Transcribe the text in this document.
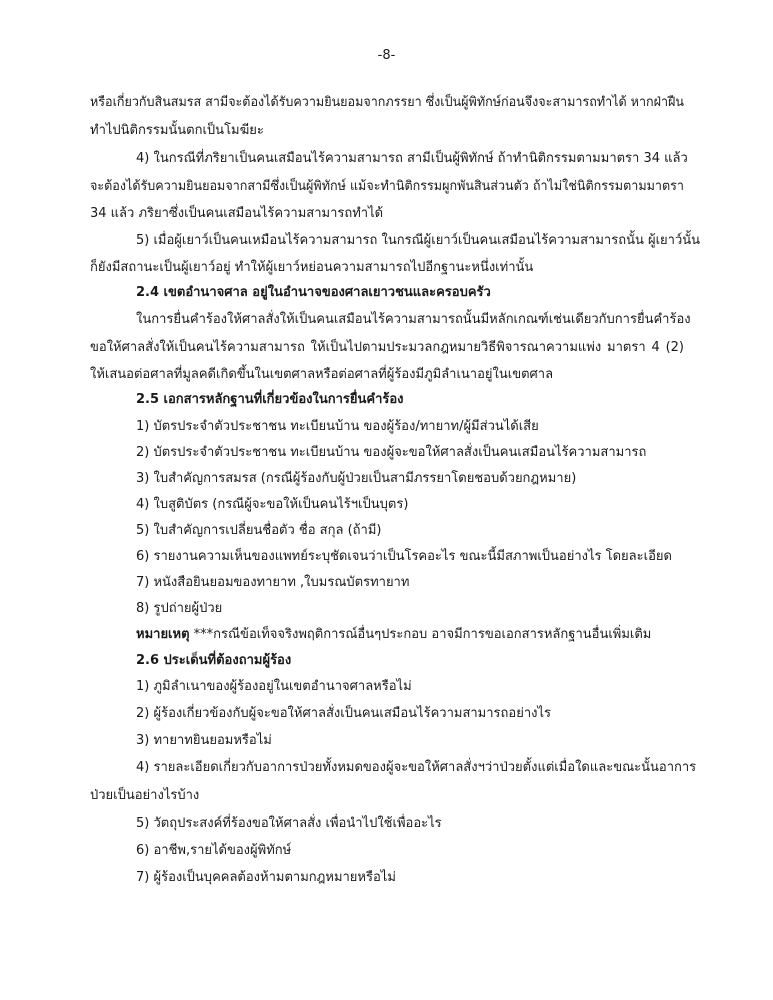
-8-
หรือเกี่ยวกับสินสมรส สามีจะต้องได้รับความยินยอมจากภรรยา ซึ่งเป็นผู้พิทักษ์ก่อนจึงจะสามารถทำได้ หากฝ่าฝืน
ทำไปนิติกรรมนั้นตกเป็นโมฆียะ
4) ในกรณีที่ภริยาเป็นคนเสมือนไร้ความสามารถ สามีเป็นผู้พิทักษ์ ถ้าทำนิติกรรมตามมาตรา 34 แล้ว
จะต้องได้รับความยินยอมจากสามีซึ่งเป็นผู้พิทักษ์ แม้จะทำนิติกรรมผูกพันสินส่วนตัว ถ้าไม่ใช่นิติกรรมตามมาตรา
34 แล้ว ภริยาซึ่งเป็นคนเสมือนไร้ความสามารถทำได้
5) เมื่อผู้เยาว์เป็นคนเหมือนไร้ความสามารถ ในกรณีผู้เยาว์เป็นคนเสมือนไร้ความสามารถนั้น ผู้เยาว์นั้น
ก็ยังมีสถานะเป็นผู้เยาว์อยู่ ทำให้ผู้เยาว์หย่อนความสามารถไปอีกฐานะหนึ่งเท่านั้น
2.4 เขตอำนาจศาล อยู่ในอำนาจของศาลเยาวชนและครอบครัว
ในการยื่นคำร้องให้ศาลสั่งให้เป็นคนเสมือนไร้ความสามารถนั้นมีหลักเกณฑ์เช่นเดียวกับการยื่นคำร้อง
ขอให้ศาลสั่งให้เป็นคนไร้ความสามารถ ให้เป็นไปตามประมวลกฎหมายวิธีพิจารณาความแพ่ง มาตรา 4 (2)
ให้เสนอต่อศาลที่มูลคดีเกิดขึ้นในเขตศาลหรือต่อศาลที่ผู้ร้องมีภูมิลำเนาอยู่ในเขตศาล
2.5 เอกสารหลักฐานที่เกี่ยวข้องในการยื่นคำร้อง
1) บัตรประจำตัวประชาชน ทะเบียนบ้าน ของผู้ร้อง/ทายาท/ผู้มีส่วนได้เสีย
2) บัตรประจำตัวประชาชน ทะเบียนบ้าน ของผู้จะขอให้ศาลสั่งเป็นคนเสมือนไร้ความสามารถ
3) ใบสำคัญการสมรส (กรณีผู้ร้องกับผู้ป่วยเป็นสามีภรรยาโดยชอบด้วยกฎหมาย)
4) ใบสูติบัตร (กรณีผู้จะขอให้เป็นคนไร้ฯเป็นบุตร)
5) ใบสำคัญการเปลี่ยนชื่อตัว ชื่อ สกุล (ถ้ามี)
6) รายงานความเห็นของแพทย์ระบุชัดเจนว่าเป็นโรคอะไร ขณะนี้มีสภาพเป็นอย่างไร โดยละเอียด
7) หนังสือยินยอมของทายาท ,ใบมรณบัตรทายาท
8) รูปถ่ายผู้ป่วย
หมายเหตุ ***กรณีข้อเท็จจริงพฤติการณ์อื่นๆประกอบ อาจมีการขอเอกสารหลักฐานอื่นเพิ่มเติม
2.6 ประเด็นที่ต้องถามผู้ร้อง
1) ภูมิลำเนาของผู้ร้องอยู่ในเขตอำนาจศาลหรือไม่
2) ผู้ร้องเกี่ยวข้องกับผู้จะขอให้ศาลสั่งเป็นคนเสมือนไร้ความสามารถอย่างไร
3) ทายาทยินยอมหรือไม่
4) รายละเอียดเกี่ยวกับอาการป่วยทั้งหมดของผู้จะขอให้ศาลสั่งฯว่าป่วยตั้งแต่เมื่อใดและขณะนั้นอาการ
ป่วยเป็นอย่างไรบ้าง
5) วัตถุประสงค์ที่ร้องขอให้ศาลสั่ง เพื่อนำไปใช้เพื่ออะไร
6) อาชีพ,รายได้ของผู้พิทักษ์
7) ผู้ร้องเป็นบุคคลต้องห้ามตามกฎหมายหรือไม่
